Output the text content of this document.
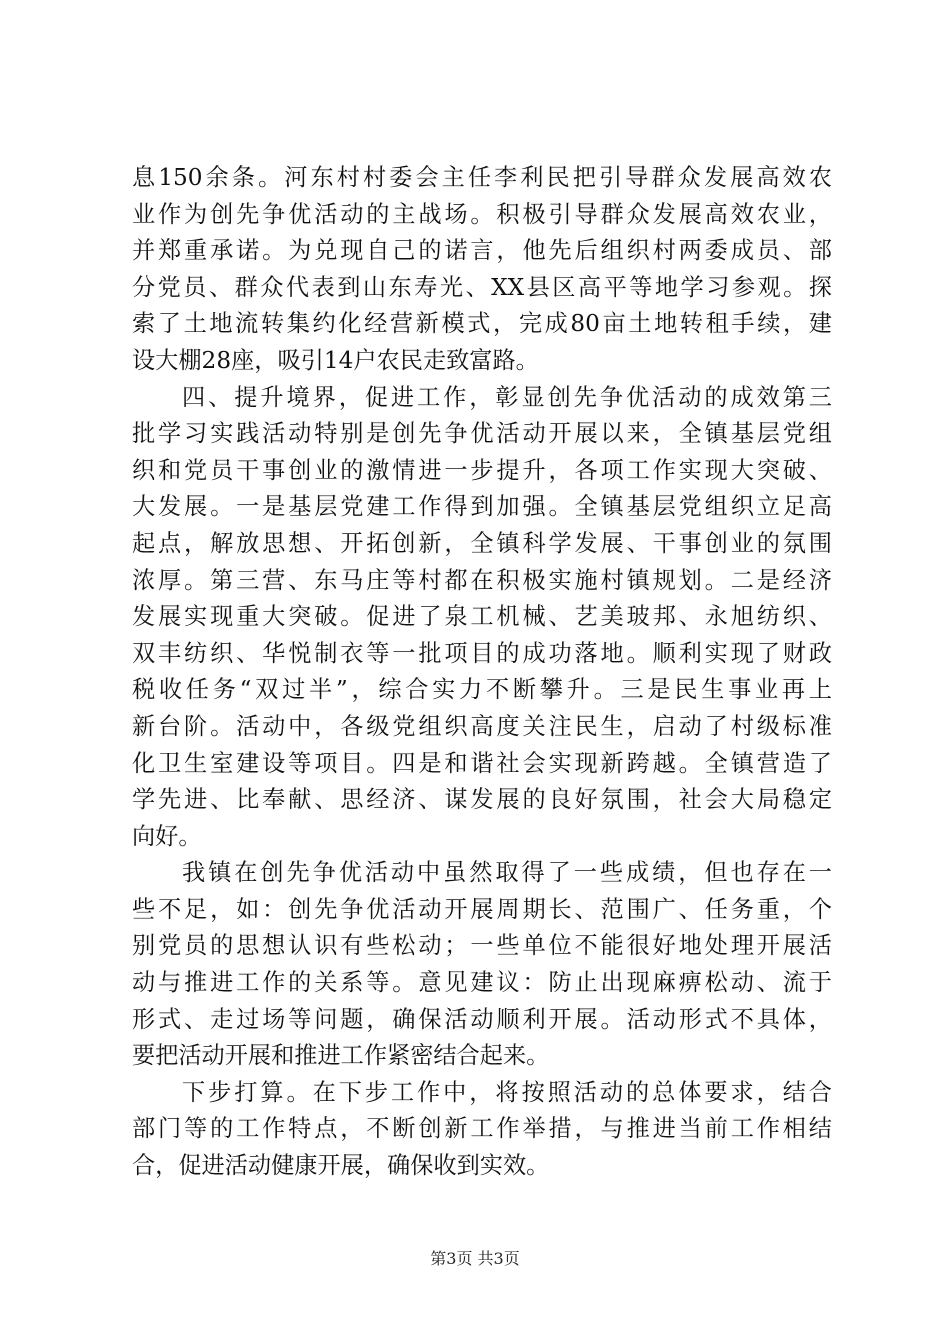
息150余条。河东村村委会主任李利民把引导群众发展高效农
业作为创先争优活动的主战场。积极引导群众发展高效农业，
并郑重承诺。为兑现自己的诺言，他先后组织村两委成员、部
分党员、群众代表到山东寿光、XX县区高平等地学习参观。探
索了土地流转集约化经营新模式，完成80亩土地转租手续，建
设大棚28座，吸引14户农民走致富路。
四、提升境界，促进工作，彰显创先争优活动的成效第三
批学习实践活动特别是创先争优活动开展以来，全镇基层党组
织和党员干事创业的激情进一步提升，各项工作实现大突破、
大发展。一是基层党建工作得到加强。全镇基层党组织立足高
起点，解放思想、开拓创新，全镇科学发展、干事创业的氛围
浓厚。第三营、东马庄等村都在积极实施村镇规划。二是经济
发展实现重大突破。促进了泉工机械、艺美玻邦、永旭纺织、
双丰纺织、华悦制衣等一批项目的成功落地。顺利实现了财政
税收任务“双过半”，综合实力不断攀升。三是民生事业再上
新台阶。活动中，各级党组织高度关注民生，启动了村级标准
化卫生室建设等项目。四是和谐社会实现新跨越。全镇营造了
学先进、比奉献、思经济、谋发展的良好氛围，社会大局稳定
向好。
我镇在创先争优活动中虽然取得了一些成绩，但也存在一
些不足，如：创先争优活动开展周期长、范围广、任务重，个
别党员的思想认识有些松动；一些单位不能很好地处理开展活
动与推进工作的关系等。意见建议：防止出现麻痹松动、流于
形式、走过场等问题，确保活动顺利开展。活动形式不具体，
要把活动开展和推进工作紧密结合起来。
下步打算。在下步工作中，将按照活动的总体要求，结合
部门等的工作特点，不断创新工作举措，与推进当前工作相结
合，促进活动健康开展，确保收到实效。
第3页 共3页
